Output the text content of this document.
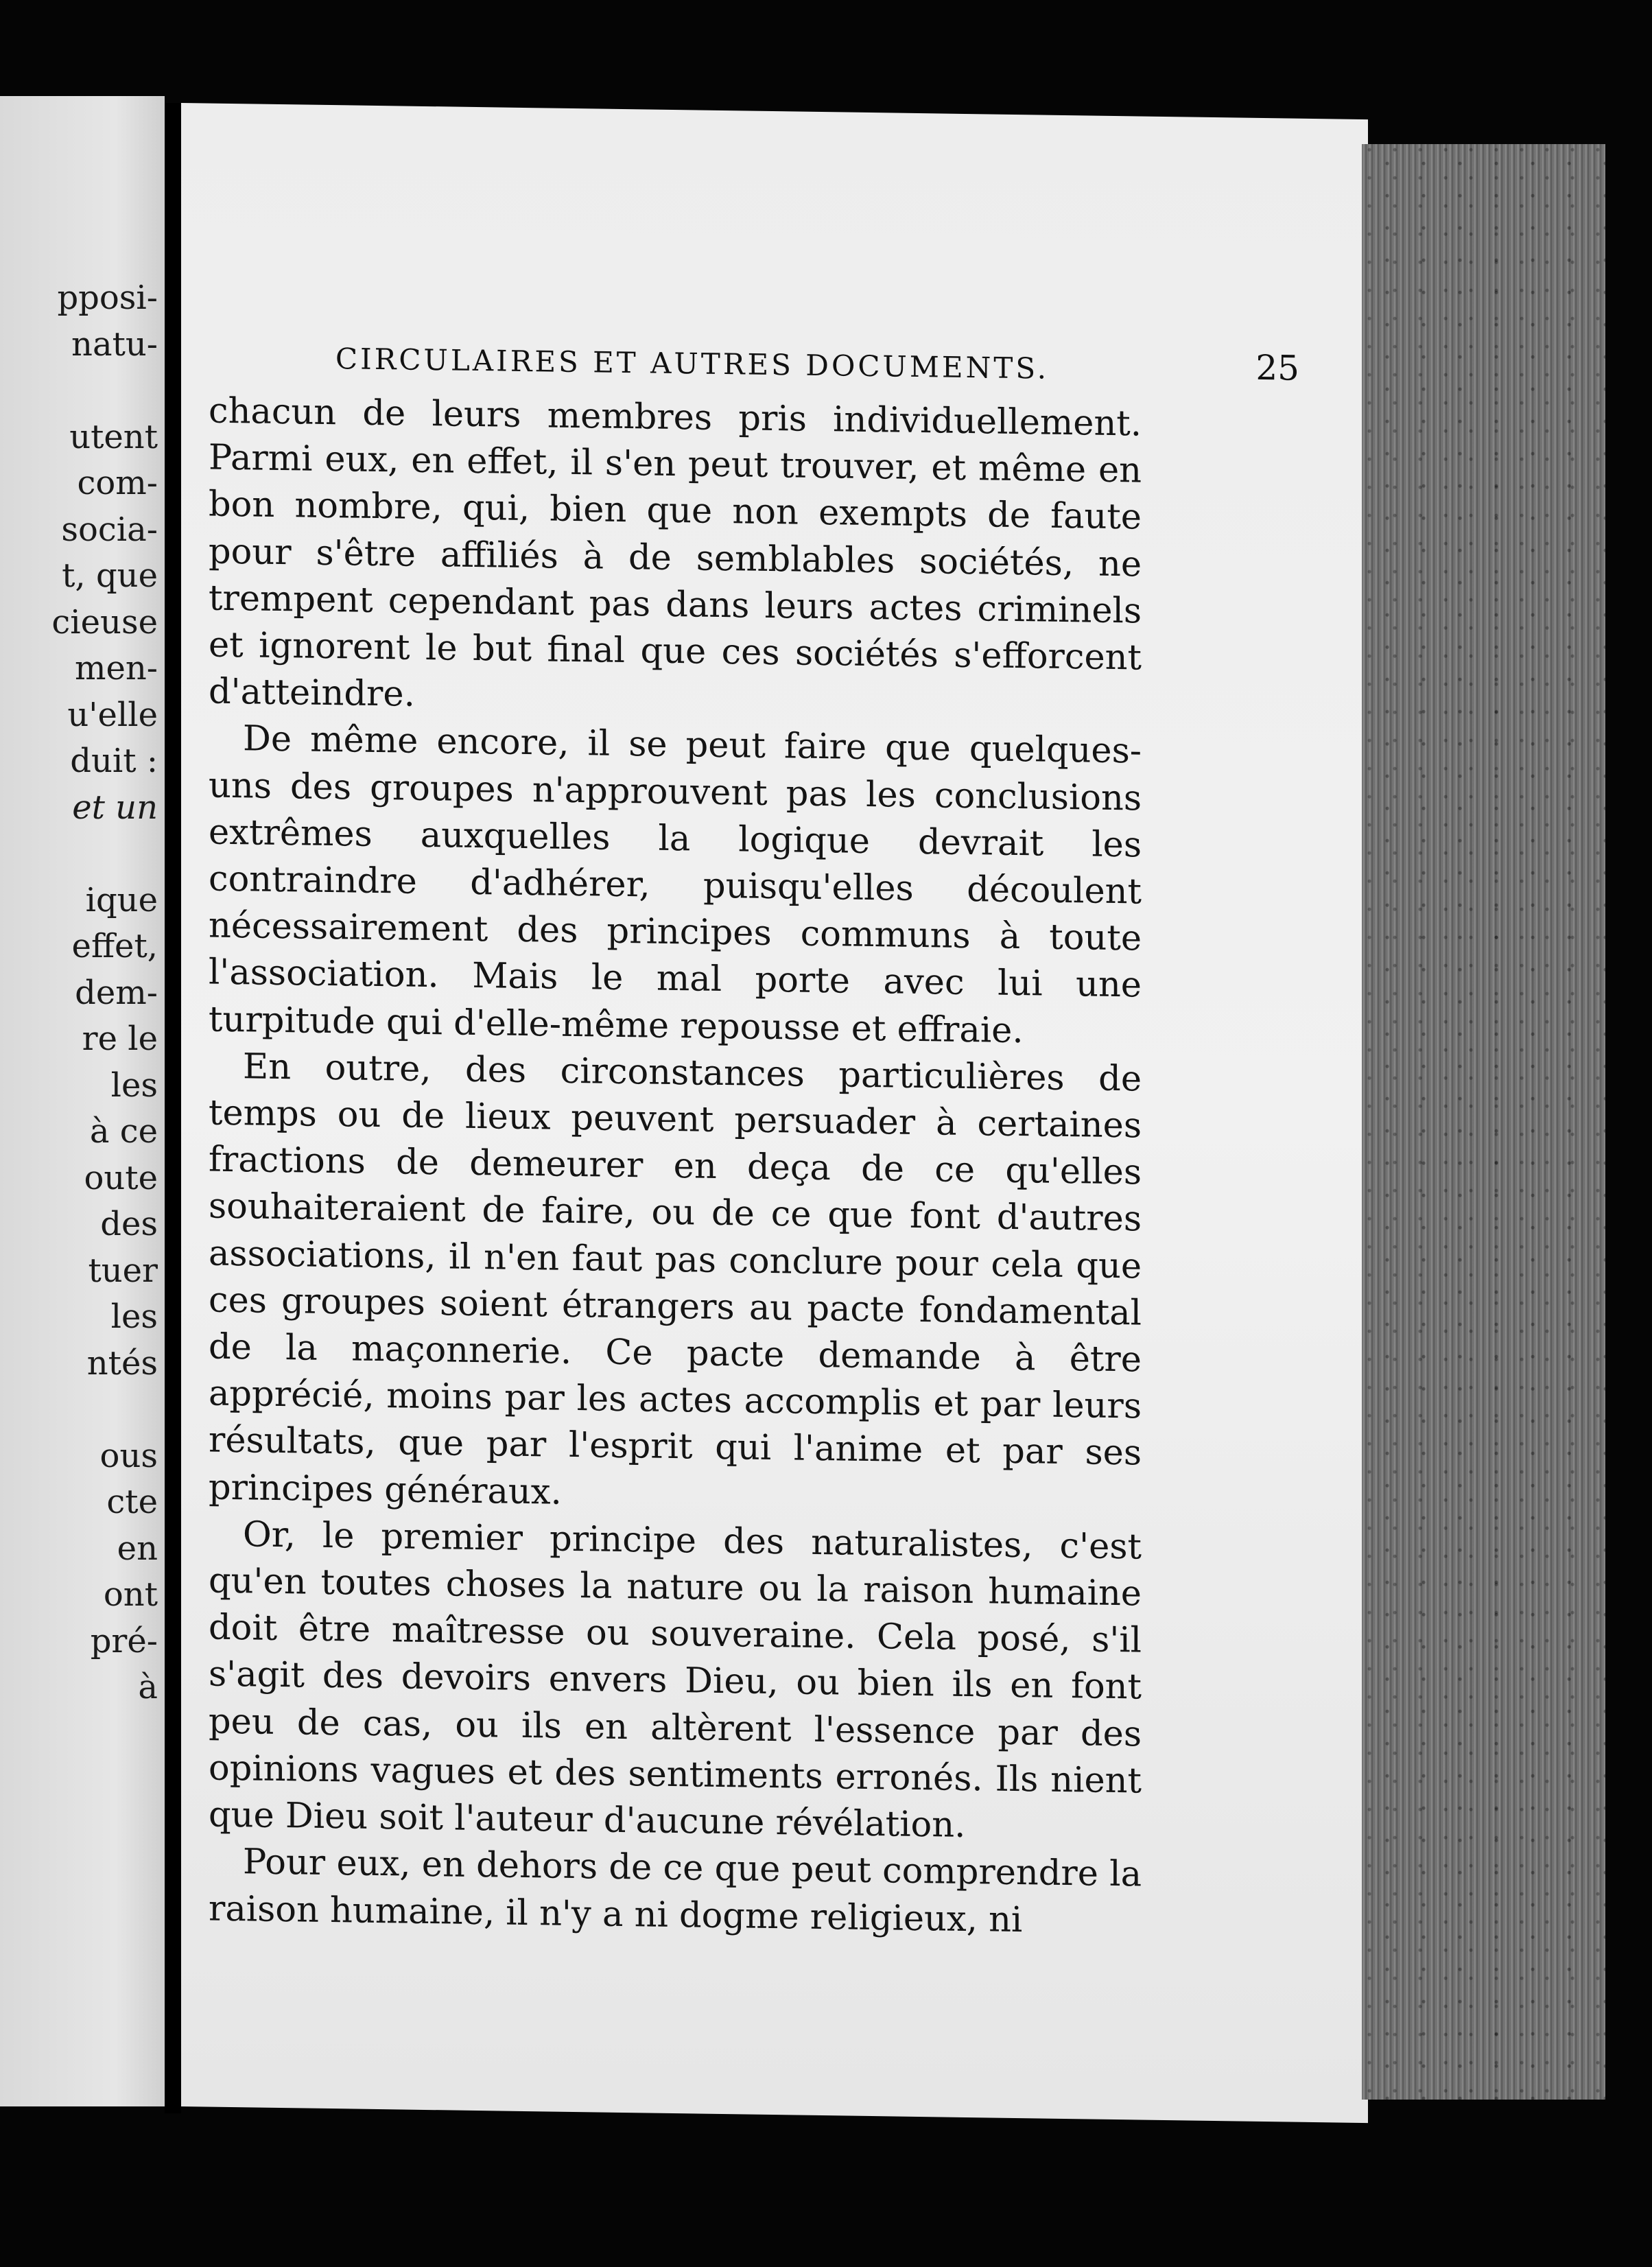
pposi-
natu-
utent
com-
socia-
t, que
cieuse
men-
u'elle
duit :
et un
ique
effet,
dem-
re le
les
à ce
oute
des
tuer
les
ntés
ous
cte
en
ont
pré-
à
CIRCULAIRES ET AUTRES DOCUMENTS.	25

chacun de leurs membres pris individuellement. Parmi eux, en effet, il s'en peut trouver, et même en bon nombre, qui, bien que non exempts de faute pour s'être affiliés à de semblables sociétés, ne trempent cependant pas dans leurs actes criminels et ignorent le but final que ces sociétés s'efforcent d'atteindre.

De même encore, il se peut faire que quelques-uns des groupes n'approuvent pas les conclusions extrêmes auxquelles la logique devrait les contraindre d'adhérer, puisqu'elles découlent nécessairement des principes communs à toute l'association. Mais le mal porte avec lui une turpitude qui d'elle-même repousse et effraie.

En outre, des circonstances particulières de temps ou de lieux peuvent persuader à certaines fractions de demeurer en deça de ce qu'elles souhaiteraient de faire, ou de ce que font d'autres associations, il n'en faut pas conclure pour cela que ces groupes soient étrangers au pacte fondamental de la maçonnerie. Ce pacte demande à être apprécié, moins par les actes accomplis et par leurs résultats, que par l'esprit qui l'anime et par ses principes généraux.

Or, le premier principe des naturalistes, c'est qu'en toutes choses la nature ou la raison humaine doit être maîtresse ou souveraine. Cela posé, s'il s'agit des devoirs envers Dieu, ou bien ils en font peu de cas, ou ils en altèrent l'essence par des opinions vagues et des sentiments erronés. Ils nient que Dieu soit l'auteur d'aucune révélation.

Pour eux, en dehors de ce que peut comprendre la raison humaine, il n'y a ni dogme religieux, ni
